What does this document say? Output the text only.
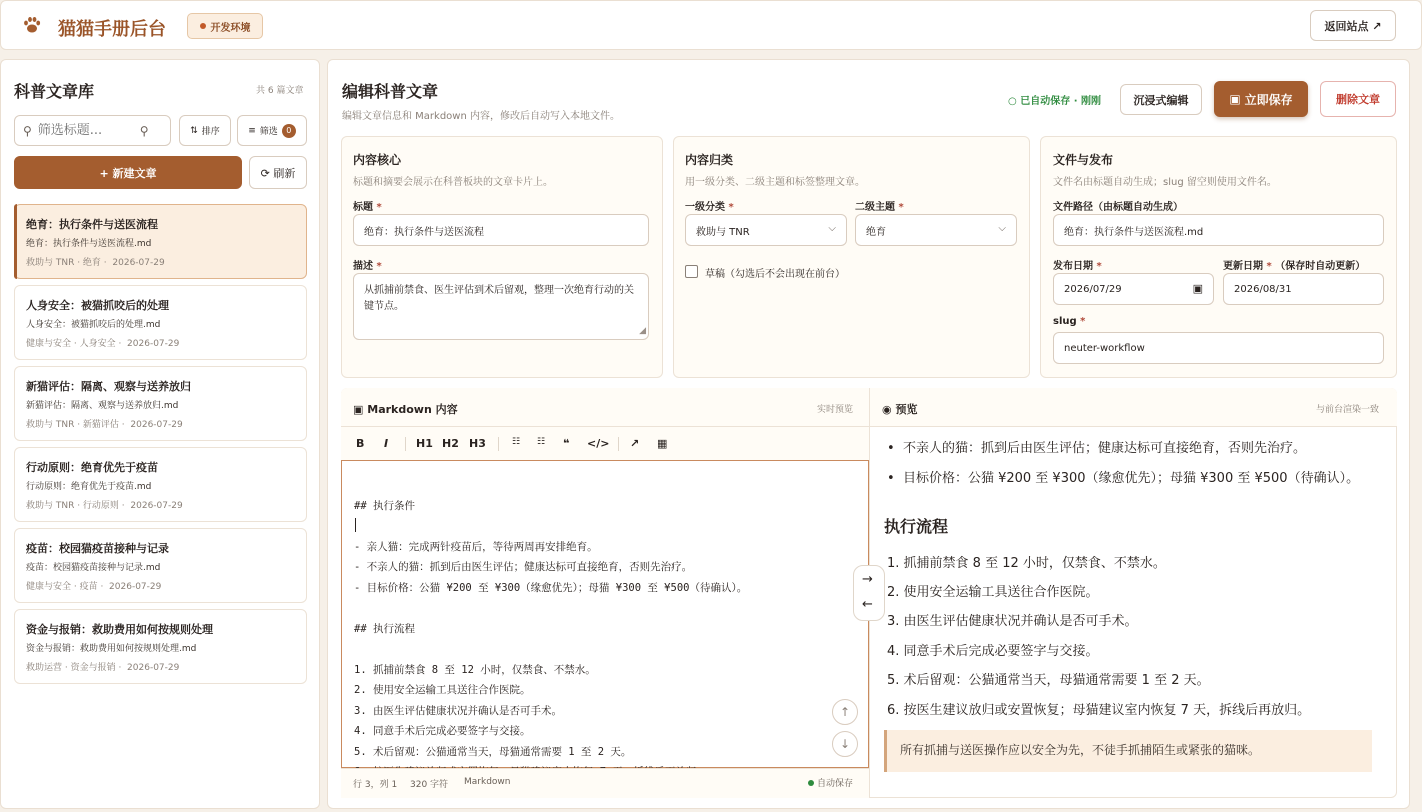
猫猫手册后台	开发环境	返回站点 ↗
科普文章库	共 6 篇文章
⚲
筛选标题...	⚲	⇅ 排序	≡ 筛选	0
+ 新建文章	⟳ 刷新
绝育：执行条件与送医流程
绝育：执行条件与送医流程.md
救助与 TNR · 绝育 ·  2026-07-29
人身安全：被猫抓咬后的处理
人身安全：被猫抓咬后的处理.md
健康与安全 · 人身安全 ·  2026-07-29
新猫评估：隔离、观察与送养放归
新猫评估：隔离、观察与送养放归.md
救助与 TNR · 新猫评估 ·  2026-07-29
行动原则：绝育优先于疫苗
行动原则：绝育优先于疫苗.md
救助与 TNR · 行动原则 ·  2026-07-29
疫苗：校园猫疫苗接种与记录
疫苗：校园猫疫苗接种与记录.md
健康与安全 · 疫苗 ·  2026-07-29
资金与报销：救助费用如何按规则处理
资金与报销：救助费用如何按规则处理.md
救助运营 · 资金与报销 ·  2026-07-29
编辑科普文章
编辑文章信息和 Markdown 内容，修改后自动写入本地文件。
○ 已自动保存 · 刚刚	沉浸式编辑	▣ 立即保存	删除文章
内容核心
标题和摘要会展示在科普板块的文章卡片上。
标题 *
绝育：执行条件与送医流程
描述 *
从抓捕前禁食、医生评估到术后留观，整理一次绝育行动的关键节点。
◢
内容归类
用一级分类、二级主题和标签整理文章。
一级分类 *
救助与 TNR	⌵
二级主题 *
绝育	⌵
草稿（勾选后不会出现在前台）
文件与发布
文件名由标题自动生成；slug 留空则使用文件名。
文件路径（由标题自动生成）
绝育：执行条件与送医流程.md
发布日期 *
2026/07/29	▣
更新日期 * （保存时自动更新）
2026/08/31
slug *
neuter-workflow
▣ Markdown 内容	实时预览
B I	H1 H2 H3	☷ ☷ ❝ </> ↗ ▦
## 执行条件
- 亲人猫：完成两针疫苗后，等待两周再安排绝育。
- 不亲人的猫：抓到后由医生评估；健康达标可直接绝育，否则先治疗。
- 目标价格：公猫 ¥200 至 ¥300（缘愈优先）；母猫 ¥300 至 ¥500（待确认）。
## 执行流程
1. 抓捕前禁食 8 至 12 小时，仅禁食、不禁水。
2. 使用安全运输工具送往合作医院。
3. 由医生评估健康状况并确认是否可手术。
4. 同意手术后完成必要签字与交接。
5. 术后留观：公猫通常当天，母猫通常需要 1 至 2 天。
↑
↓
行 3，列 1 320 字符 Markdown	自动保存
→
←
◉ 预览	与前台渲染一致
•  不亲人的猫：抓到后由医生评估；健康达标可直接绝育，否则先治疗。
•  目标价格：公猫 ¥200 至 ¥300（缘愈优先）；母猫 ¥300 至 ¥500（待确认）。
执行流程
1. 抓捕前禁食 8 至 12 小时，仅禁食、不禁水。
2. 使用安全运输工具送往合作医院。
3. 由医生评估健康状况并确认是否可手术。
4. 同意手术后完成必要签字与交接。
5. 术后留观：公猫通常当天，母猫通常需要 1 至 2 天。
6. 按医生建议放归或安置恢复；母猫建议室内恢复 7 天，拆线后再放归。
所有抓捕与送医操作应以安全为先，不徒手抓捕陌生或紧张的猫咪。
